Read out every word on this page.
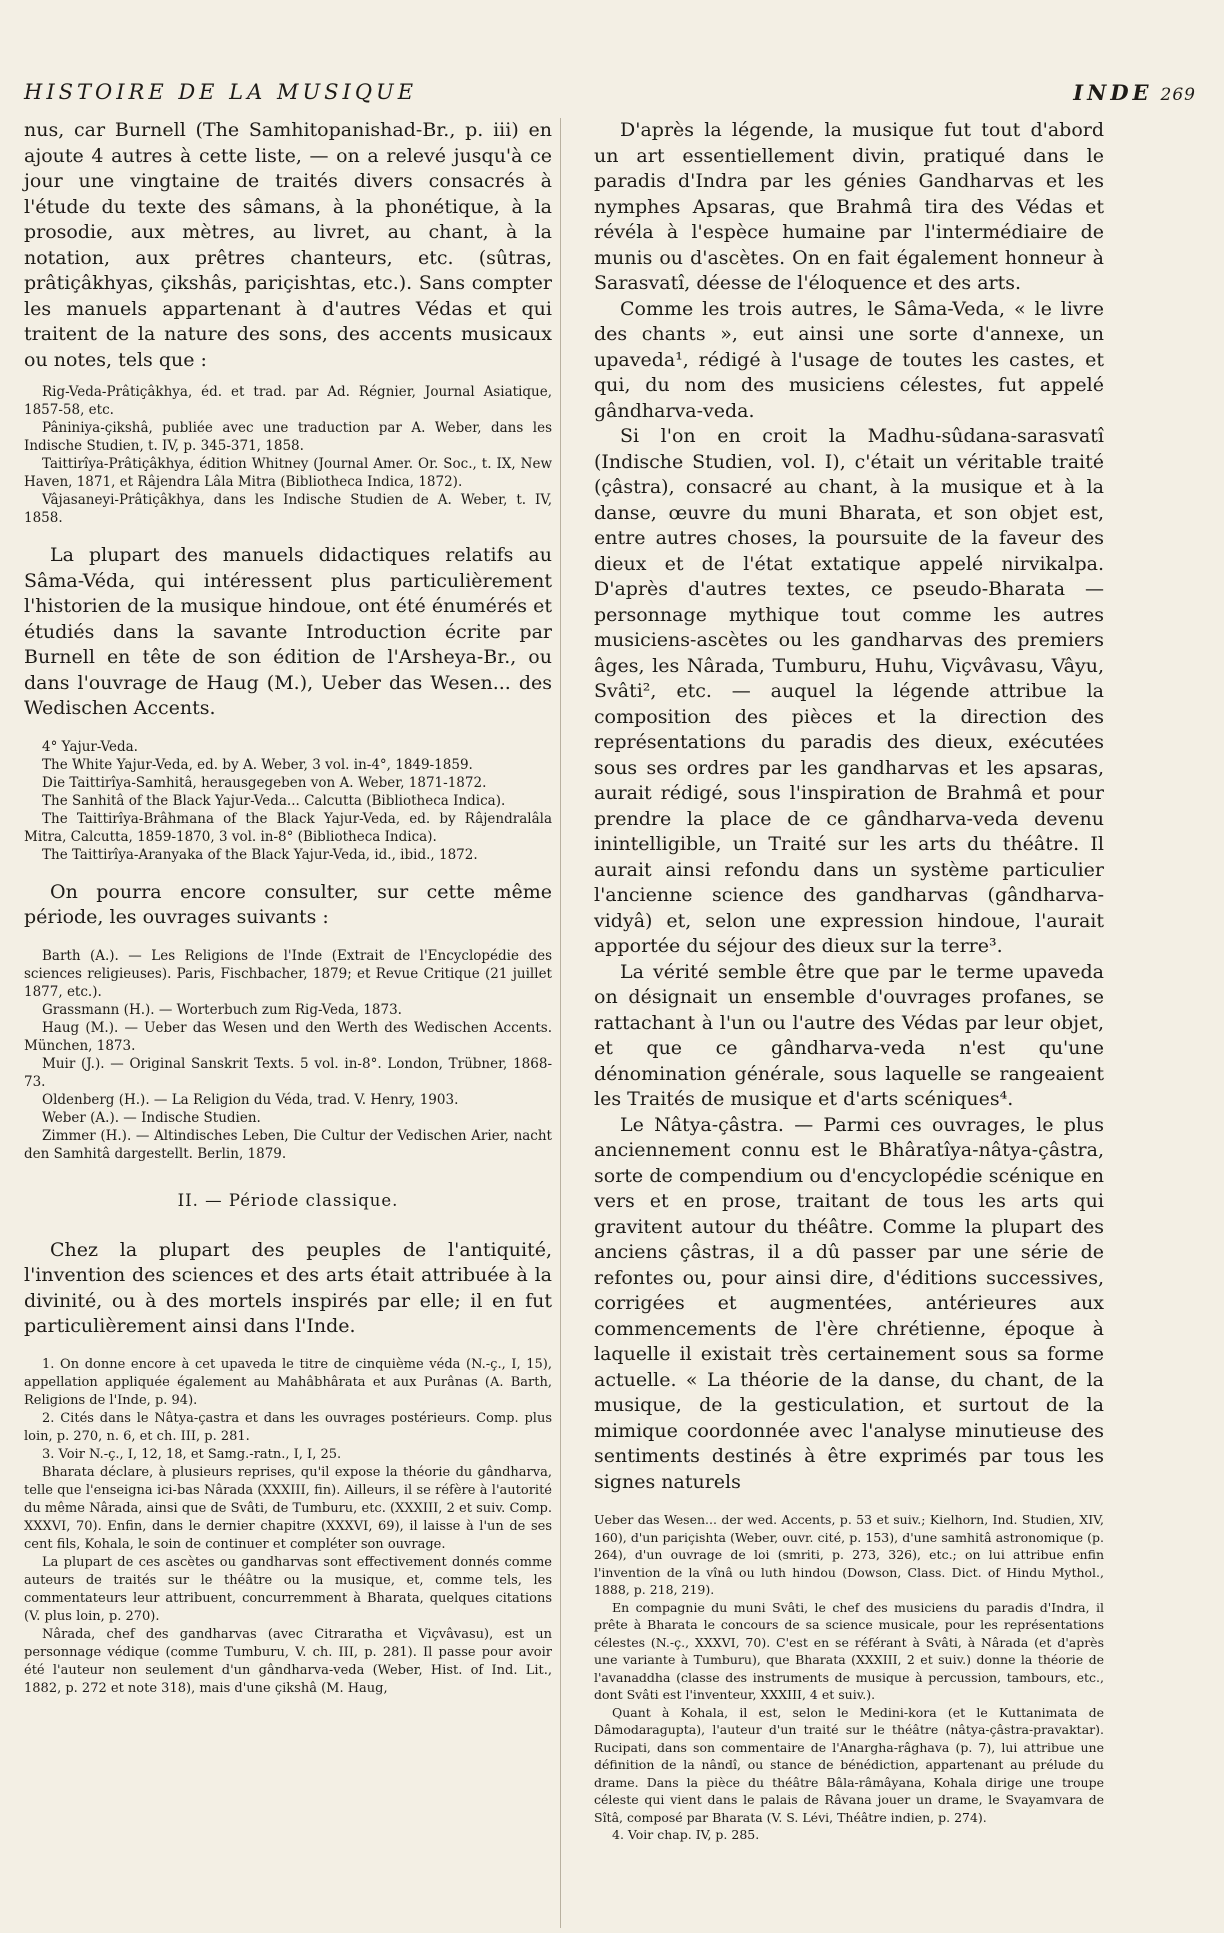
HISTOIRE DE LA MUSIQUE	INDE 269

nus, car Burnell (The Samhitopanishad-Br., p. iii) en ajoute 4 autres à cette liste, — on a relevé jusqu'à ce jour une vingtaine de traités divers consacrés à l'étude du texte des sâmans, à la phonétique, à la prosodie, aux mètres, au livret, au chant, à la notation, aux prêtres chanteurs, etc. (sûtras, prâtiçâkhyas, çikshâs, pariçishtas, etc.). Sans compter les manuels appartenant à d'autres Védas et qui traitent de la nature des sons, des accents musicaux ou notes, tels que :

Rig-Veda-Prâtiçâkhya, éd. et trad. par Ad. Régnier, Journal Asiatique, 1857-58, etc.

Pâniniya-çikshâ, publiée avec une traduction par A. Weber, dans les Indische Studien, t. IV, p. 345-371, 1858.

Taittirîya-Prâtiçâkhya, édition Whitney (Journal Amer. Or. Soc., t. IX, New Haven, 1871, et Râjendra Lâla Mitra (Bibliotheca Indica, 1872).

Vâjasaneyi-Prâtiçâkhya, dans les Indische Studien de A. Weber, t. IV, 1858.

La plupart des manuels didactiques relatifs au Sâma-Véda, qui intéressent plus particulièrement l'historien de la musique hindoue, ont été énumérés et étudiés dans la savante Introduction écrite par Burnell en tête de son édition de l'Arsheya-Br., ou dans l'ouvrage de Haug (M.), Ueber das Wesen... des Wedischen Accents.

4° Yajur-Veda.

The White Yajur-Veda, ed. by A. Weber, 3 vol. in-4°, 1849-1859.

Die Taittirîya-Samhitâ, herausgegeben von A. Weber, 1871-1872.

The Sanhitâ of the Black Yajur-Veda... Calcutta (Bibliotheca Indica).

The Taittirîya-Brâhmana of the Black Yajur-Veda, ed. by Râjendralâla Mitra, Calcutta, 1859-1870, 3 vol. in-8° (Bibliotheca Indica).

The Taittirîya-Aranyaka of the Black Yajur-Veda, id., ibid., 1872.

On pourra encore consulter, sur cette même période, les ouvrages suivants :

Barth (A.). — Les Religions de l'Inde (Extrait de l'Encyclopédie des sciences religieuses). Paris, Fischbacher, 1879; et Revue Critique (21 juillet 1877, etc.).

Grassmann (H.). — Worterbuch zum Rig-Veda, 1873.

Haug (M.). — Ueber das Wesen und den Werth des Wedischen Accents. München, 1873.

Muir (J.). — Original Sanskrit Texts. 5 vol. in-8°. London, Trübner, 1868-73.

Oldenberg (H.). — La Religion du Véda, trad. V. Henry, 1903.

Weber (A.). — Indische Studien.

Zimmer (H.). — Altindisches Leben, Die Cultur der Vedischen Arier, nacht den Samhitâ dargestellt. Berlin, 1879.

II. — Période classique.

Chez la plupart des peuples de l'antiquité, l'invention des sciences et des arts était attribuée à la divinité, ou à des mortels inspirés par elle; il en fut particulièrement ainsi dans l'Inde.

1. On donne encore à cet upaveda le titre de cinquième véda (N.-ç., I, 15), appellation appliquée également au Mahâbhârata et aux Purânas (A. Barth, Religions de l'Inde, p. 94).

2. Cités dans le Nâtya-çastra et dans les ouvrages postérieurs. Comp. plus loin, p. 270, n. 6, et ch. III, p. 281.

3. Voir N.-ç., I, 12, 18, et Samg.-ratn., I, I, 25.

Bharata déclare, à plusieurs reprises, qu'il expose la théorie du gândharva, telle que l'enseigna ici-bas Nârada (XXXIII, fin). Ailleurs, il se réfère à l'autorité du même Nârada, ainsi que de Svâti, de Tumburu, etc. (XXXIII, 2 et suiv. Comp. XXXVI, 70). Enfin, dans le dernier chapitre (XXXVI, 69), il laisse à l'un de ses cent fils, Kohala, le soin de continuer et compléter son ouvrage.

La plupart de ces ascètes ou gandharvas sont effectivement donnés comme auteurs de traités sur le théâtre ou la musique, et, comme tels, les commentateurs leur attribuent, concurremment à Bharata, quelques citations (V. plus loin, p. 270).

Nârada, chef des gandharvas (avec Citraratha et Viçvâvasu), est un personnage védique (comme Tumburu, V. ch. III, p. 281). Il passe pour avoir été l'auteur non seulement d'un gândharva-veda (Weber, Hist. of Ind. Lit., 1882, p. 272 et note 318), mais d'une çikshâ (M. Haug,

D'après la légende, la musique fut tout d'abord un art essentiellement divin, pratiqué dans le paradis d'Indra par les génies Gandharvas et les nymphes Apsaras, que Brahmâ tira des Védas et révéla à l'espèce humaine par l'intermédiaire de munis ou d'ascètes. On en fait également honneur à Sarasvatî, déesse de l'éloquence et des arts.

Comme les trois autres, le Sâma-Veda, « le livre des chants », eut ainsi une sorte d'annexe, un upaveda¹, rédigé à l'usage de toutes les castes, et qui, du nom des musiciens célestes, fut appelé gândharva-veda.

Si l'on en croit la Madhu-sûdana-sarasvatî (Indische Studien, vol. I), c'était un véritable traité (çâstra), consacré au chant, à la musique et à la danse, œuvre du muni Bharata, et son objet est, entre autres choses, la poursuite de la faveur des dieux et de l'état extatique appelé nirvikalpa. D'après d'autres textes, ce pseudo-Bharata — personnage mythique tout comme les autres musiciens-ascètes ou les gandharvas des premiers âges, les Nârada, Tumburu, Huhu, Viçvâvasu, Vâyu, Svâti², etc. — auquel la légende attribue la composition des pièces et la direction des représentations du paradis des dieux, exécutées sous ses ordres par les gandharvas et les apsaras, aurait rédigé, sous l'inspiration de Brahmâ et pour prendre la place de ce gândharva-veda devenu inintelligible, un Traité sur les arts du théâtre. Il aurait ainsi refondu dans un système particulier l'ancienne science des gandharvas (gândharva-vidyâ) et, selon une expression hindoue, l'aurait apportée du séjour des dieux sur la terre³.

La vérité semble être que par le terme upaveda on désignait un ensemble d'ouvrages profanes, se rattachant à l'un ou l'autre des Védas par leur objet, et que ce gândharva-veda n'est qu'une dénomination générale, sous laquelle se rangeaient les Traités de musique et d'arts scéniques⁴.

Le Nâtya-çâstra. — Parmi ces ouvrages, le plus anciennement connu est le Bhâratîya-nâtya-çâstra, sorte de compendium ou d'encyclopédie scénique en vers et en prose, traitant de tous les arts qui gravitent autour du théâtre. Comme la plupart des anciens çâstras, il a dû passer par une série de refontes ou, pour ainsi dire, d'éditions successives, corrigées et augmentées, antérieures aux commencements de l'ère chrétienne, époque à laquelle il existait très certainement sous sa forme actuelle. « La théorie de la danse, du chant, de la musique, de la gesticulation, et surtout de la mimique coordonnée avec l'analyse minutieuse des sentiments destinés à être exprimés par tous les signes naturels

Ueber das Wesen... der wed. Accents, p. 53 et suiv.; Kielhorn, Ind. Studien, XIV, 160), d'un pariçishta (Weber, ouvr. cité, p. 153), d'une samhitâ astronomique (p. 264), d'un ouvrage de loi (smriti, p. 273, 326), etc.; on lui attribue enfin l'invention de la vînâ ou luth hindou (Dowson, Class. Dict. of Hindu Mythol., 1888, p. 218, 219).

En compagnie du muni Svâti, le chef des musiciens du paradis d'Indra, il prête à Bharata le concours de sa science musicale, pour les représentations célestes (N.-ç., XXXVI, 70). C'est en se référant à Svâti, à Nârada (et d'après une variante à Tumburu), que Bharata (XXXIII, 2 et suiv.) donne la théorie de l'avanaddha (classe des instruments de musique à percussion, tambours, etc., dont Svâti est l'inventeur, XXXIII, 4 et suiv.).

Quant à Kohala, il est, selon le Medini-kora (et le Kuttanimata de Dâmodaragupta), l'auteur d'un traité sur le théâtre (nâtya-çâstra-pravaktar). Rucipati, dans son commentaire de l'Anargha-râghava (p. 7), lui attribue une définition de la nândî, ou stance de bénédiction, appartenant au prélude du drame. Dans la pièce du théâtre Bâla-râmâyana, Kohala dirige une troupe céleste qui vient dans le palais de Râvana jouer un drame, le Svayamvara de Sîtâ, composé par Bharata (V. S. Lévi, Théâtre indien, p. 274).

4. Voir chap. IV, p. 285.
